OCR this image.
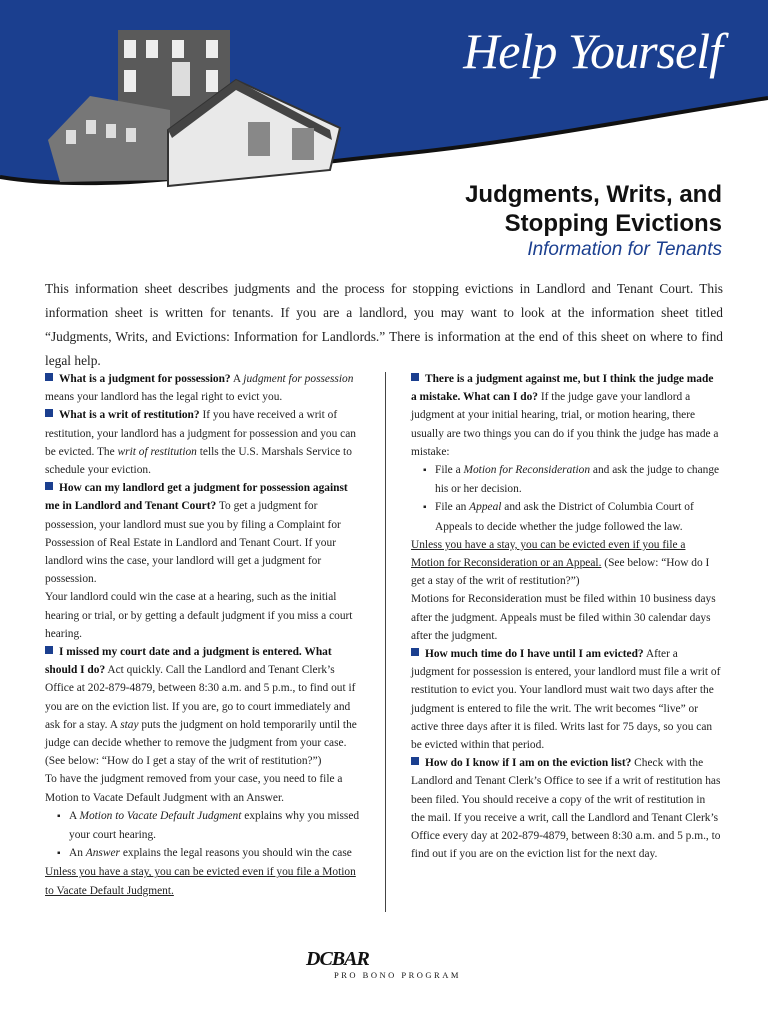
Help Yourself
Judgments, Writs, and
Stopping Evictions
Information for Tenants
This information sheet describes judgments and the process for stopping evictions in Landlord and Tenant Court. This information sheet is written for tenants. If you are a landlord, you may want to look at the information sheet titled “Judgments, Writs, and Evictions: Information for Landlords.” There is information at the end of this sheet on where to find legal help.

What is a judgment for possession? A judgment for possession means your landlord has the legal right to evict you.

What is a writ of restitution? If you have received a writ of restitution, your landlord has a judgment for possession and you can be evicted. The writ of restitution tells the U.S. Marshals Service to schedule your eviction.

How can my landlord get a judgment for possession against me in Landlord and Tenant Court? To get a judgment for possession, your landlord must sue you by filing a Complaint for Possession of Real Estate in Landlord and Tenant Court. If your landlord wins the case, your landlord will get a judgment for possession.

Your landlord could win the case at a hearing, such as the initial hearing or trial, or by getting a default judgment if you miss a court hearing.

I missed my court date and a judgment is entered. What should I do? Act quickly. Call the Landlord and Tenant Clerk’s Office at 202-879-4879, between 8:30 a.m. and 5 p.m., to find out if you are on the eviction list. If you are, go to court immediately and ask for a stay. A stay puts the judgment on hold temporarily until the judge can decide whether to remove the judgment from your case. (See below: “How do I get a stay of the writ of restitution?”)

To have the judgment removed from your case, you need to file a Motion to Vacate Default Judgment with an Answer.

▪ A Motion to Vacate Default Judgment explains why you missed your court hearing.

▪ An Answer explains the legal reasons you should win the case

Unless you have a stay, you can be evicted even if you file a Motion to Vacate Default Judgment.

There is a judgment against me, but I think the judge made a mistake. What can I do? If the judge gave your landlord a judgment at your initial hearing, trial, or motion hearing, there usually are two things you can do if you think the judge has made a mistake:

▪ File a Motion for Reconsideration and ask the judge to change his or her decision.

▪ File an Appeal and ask the District of Columbia Court of Appeals to decide whether the judge followed the law.

Unless you have a stay, you can be evicted even if you file a Motion for Reconsideration or an Appeal. (See below: “How do I get a stay of the writ of restitution?”)

Motions for Reconsideration must be filed within 10 business days after the judgment. Appeals must be filed within 30 calendar days after the judgment.

How much time do I have until I am evicted? After a judgment for possession is entered, your landlord must file a writ of restitution to evict you. Your landlord must wait two days after the judgment is entered to file the writ. The writ becomes “live” or active three days after it is filed. Writs last for 75 days, so you can be evicted within that period.

How do I know if I am on the eviction list? Check with the Landlord and Tenant Clerk’s Office to see if a writ of restitution has been filed. You should receive a copy of the writ of restitution in the mail. If you receive a writ, call the Landlord and Tenant Clerk’s Office every day at 202-879-4879, between 8:30 a.m. and 5 p.m., to find out if you are on the eviction list for the next day.

DCBAR
PRO BONO PROGRAM
